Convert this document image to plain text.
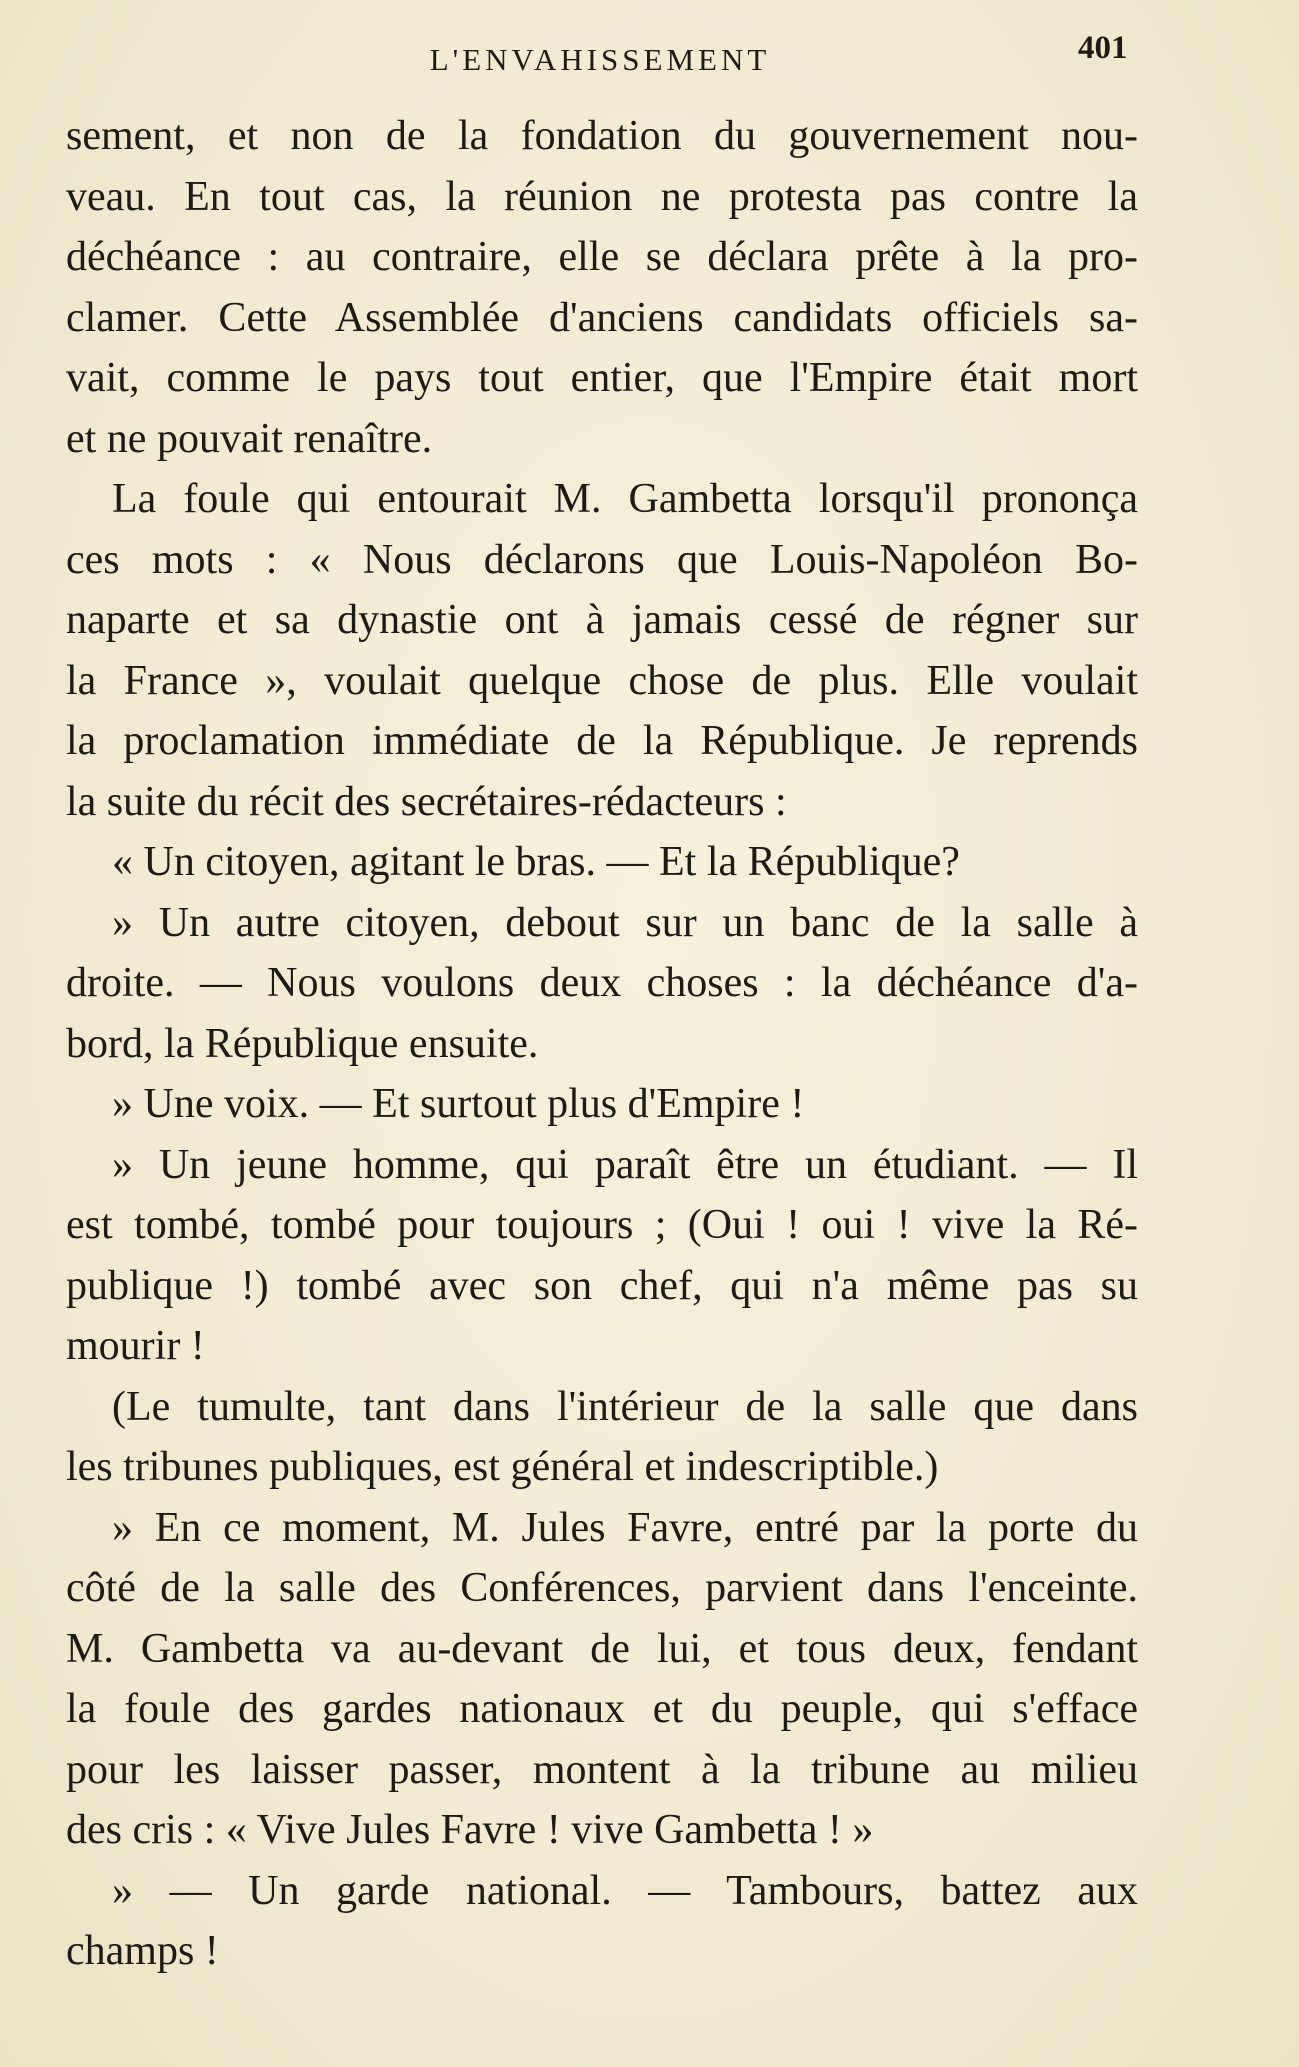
L'ENVAHISSEMENT	401
sement, et non de la fondation du gouvernement nou-
veau. En tout cas, la réunion ne protesta pas contre la
déchéance : au contraire, elle se déclara prête à la pro-
clamer. Cette Assemblée d'anciens candidats officiels sa-
vait, comme le pays tout entier, que l'Empire était mort
et ne pouvait renaître.
La foule qui entourait M. Gambetta lorsqu'il prononça
ces mots : « Nous déclarons que Louis-Napoléon Bo-
naparte et sa dynastie ont à jamais cessé de régner sur
la France », voulait quelque chose de plus. Elle voulait
la proclamation immédiate de la République. Je reprends
la suite du récit des secrétaires-rédacteurs :
« Un citoyen, agitant le bras. — Et la République?
» Un autre citoyen, debout sur un banc de la salle à
droite. — Nous voulons deux choses : la déchéance d'a-
bord, la République ensuite.
» Une voix. — Et surtout plus d'Empire !
» Un jeune homme, qui paraît être un étudiant. — Il
est tombé, tombé pour toujours ; (Oui ! oui ! vive la Ré-
publique !) tombé avec son chef, qui n'a même pas su
mourir !
(Le tumulte, tant dans l'intérieur de la salle que dans
les tribunes publiques, est général et indescriptible.)
» En ce moment, M. Jules Favre, entré par la porte du
côté de la salle des Conférences, parvient dans l'enceinte.
M. Gambetta va au-devant de lui, et tous deux, fendant
la foule des gardes nationaux et du peuple, qui s'efface
pour les laisser passer, montent à la tribune au milieu
des cris : « Vive Jules Favre ! vive Gambetta ! »
» — Un garde national. — Tambours, battez aux
champs !
